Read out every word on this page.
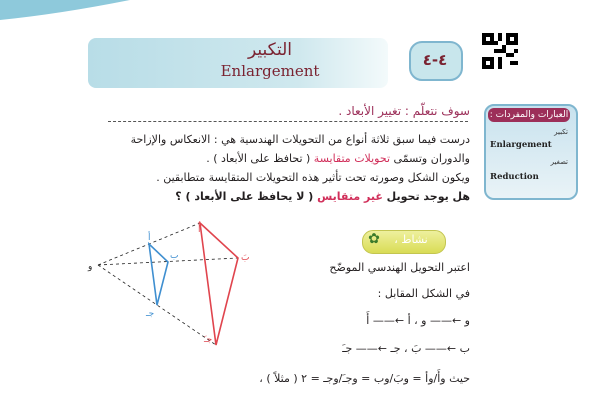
التكبير
Enlargement
٤-٤
سوف نتعلّم : تغيير الأبعاد . العبارات والمفردات :
تكبير
Enlargement
تصغير
Reduction
درست فيما سبق ثلاثة أنواع من التحويلات الهندسية هي : الانعكاس والإزاحة
والدوران وتسمّى تحويلات متقايسة ( تحافظ على الأبعاد ) .
ويكون الشكل وصورته تحت تأثير هذه التحويلات المتقايسة متطابقين .
هل يوجد تحويل غير متقايس ( لا يحافظ على الأبعاد ) ؟
✿	نشاط ،
اعتبر التحويل الهندسي الموضّح
في الشكل المقابل :
و ←—— و ، أ ←—— أَ
ب ←—— بَ ، جـ ←—— جـَ
حيث وأَ/وأ = وبَ/وب = وجـَ/وجـ = ٢ ( مثلاً ) ،
و
أ
ب	بَ
أَ
جـ
جـَ
